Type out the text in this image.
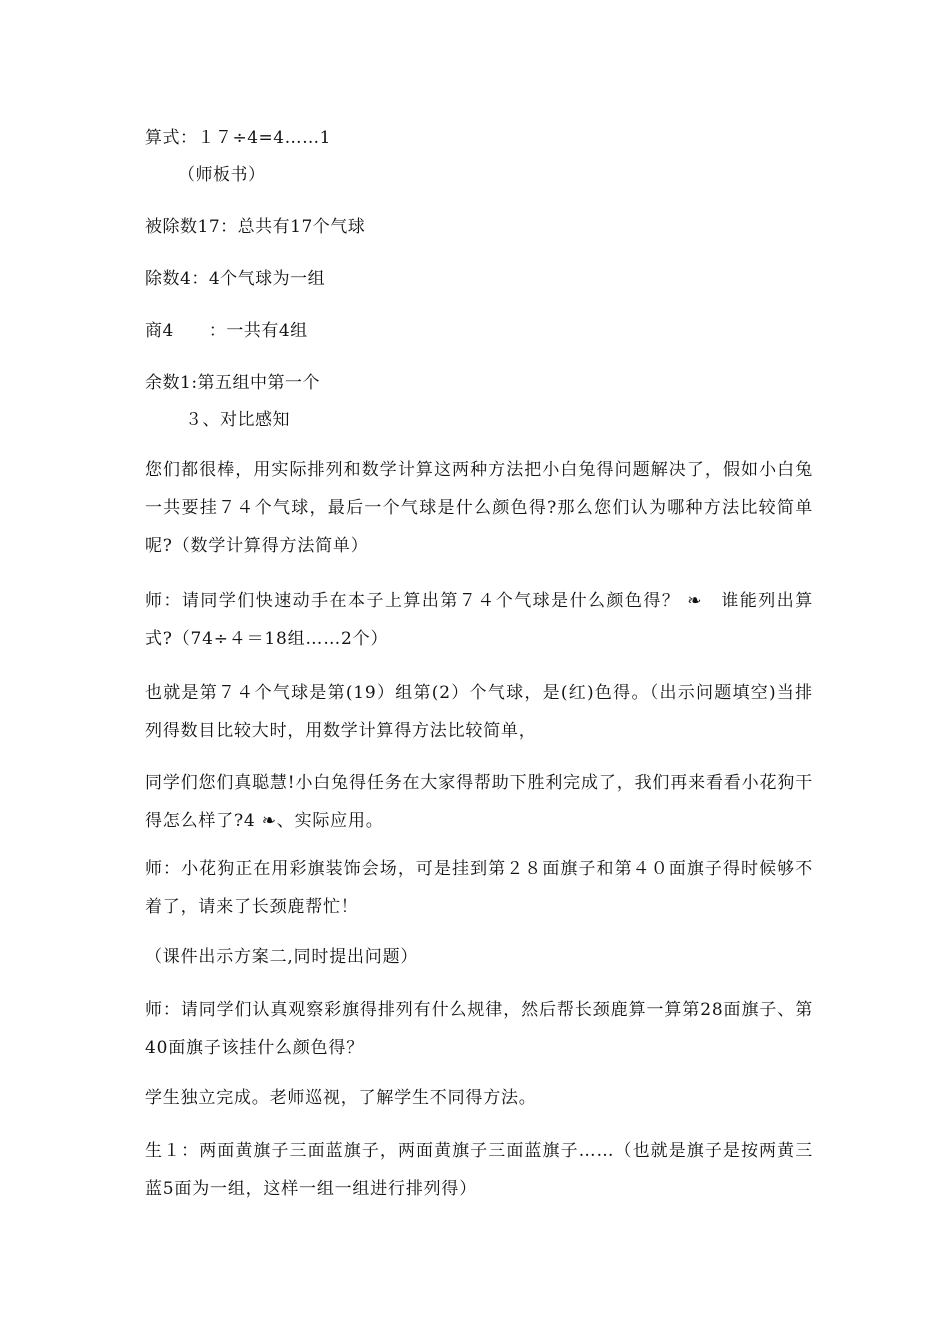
算式：１７÷4=4……1
（师板书）
被除数17：总共有17个气球
除数4：4个气球为一组
商4　　：一共有4组
余数1:第五组中第一个
３、对比感知
您们都很棒，用实际排列和数学计算这两种方法把小白兔得问题解决了，假如小白兔一共要挂７４个气球，最后一个气球是什么颜色得?那么您们认为哪种方法比较简单呢?（数学计算得方法简单）
师：请同学们快速动手在本子上算出第７４个气球是什么颜色得？ ❧　谁能列出算式?（74÷４＝18组……2个）
也就是第７４个气球是第(19）组第(2）个气球，是(红)色得。（出示问题填空)当排列得数目比较大时，用数学计算得方法比较简单，
同学们您们真聪慧!小白兔得任务在大家得帮助下胜利完成了，我们再来看看小花狗干得怎么样了?4 ❧、实际应用。
师：小花狗正在用彩旗装饰会场，可是挂到第２８面旗子和第４０面旗子得时候够不着了，请来了长颈鹿帮忙！
（课件出示方案二,同时提出问题）
师：请同学们认真观察彩旗得排列有什么规律，然后帮长颈鹿算一算第28面旗子、第40面旗子该挂什么颜色得？
学生独立完成。老师巡视，了解学生不同得方法。
生１：两面黄旗子三面蓝旗子，两面黄旗子三面蓝旗子……（也就是旗子是按两黄三蓝5面为一组，这样一组一组进行排列得）
